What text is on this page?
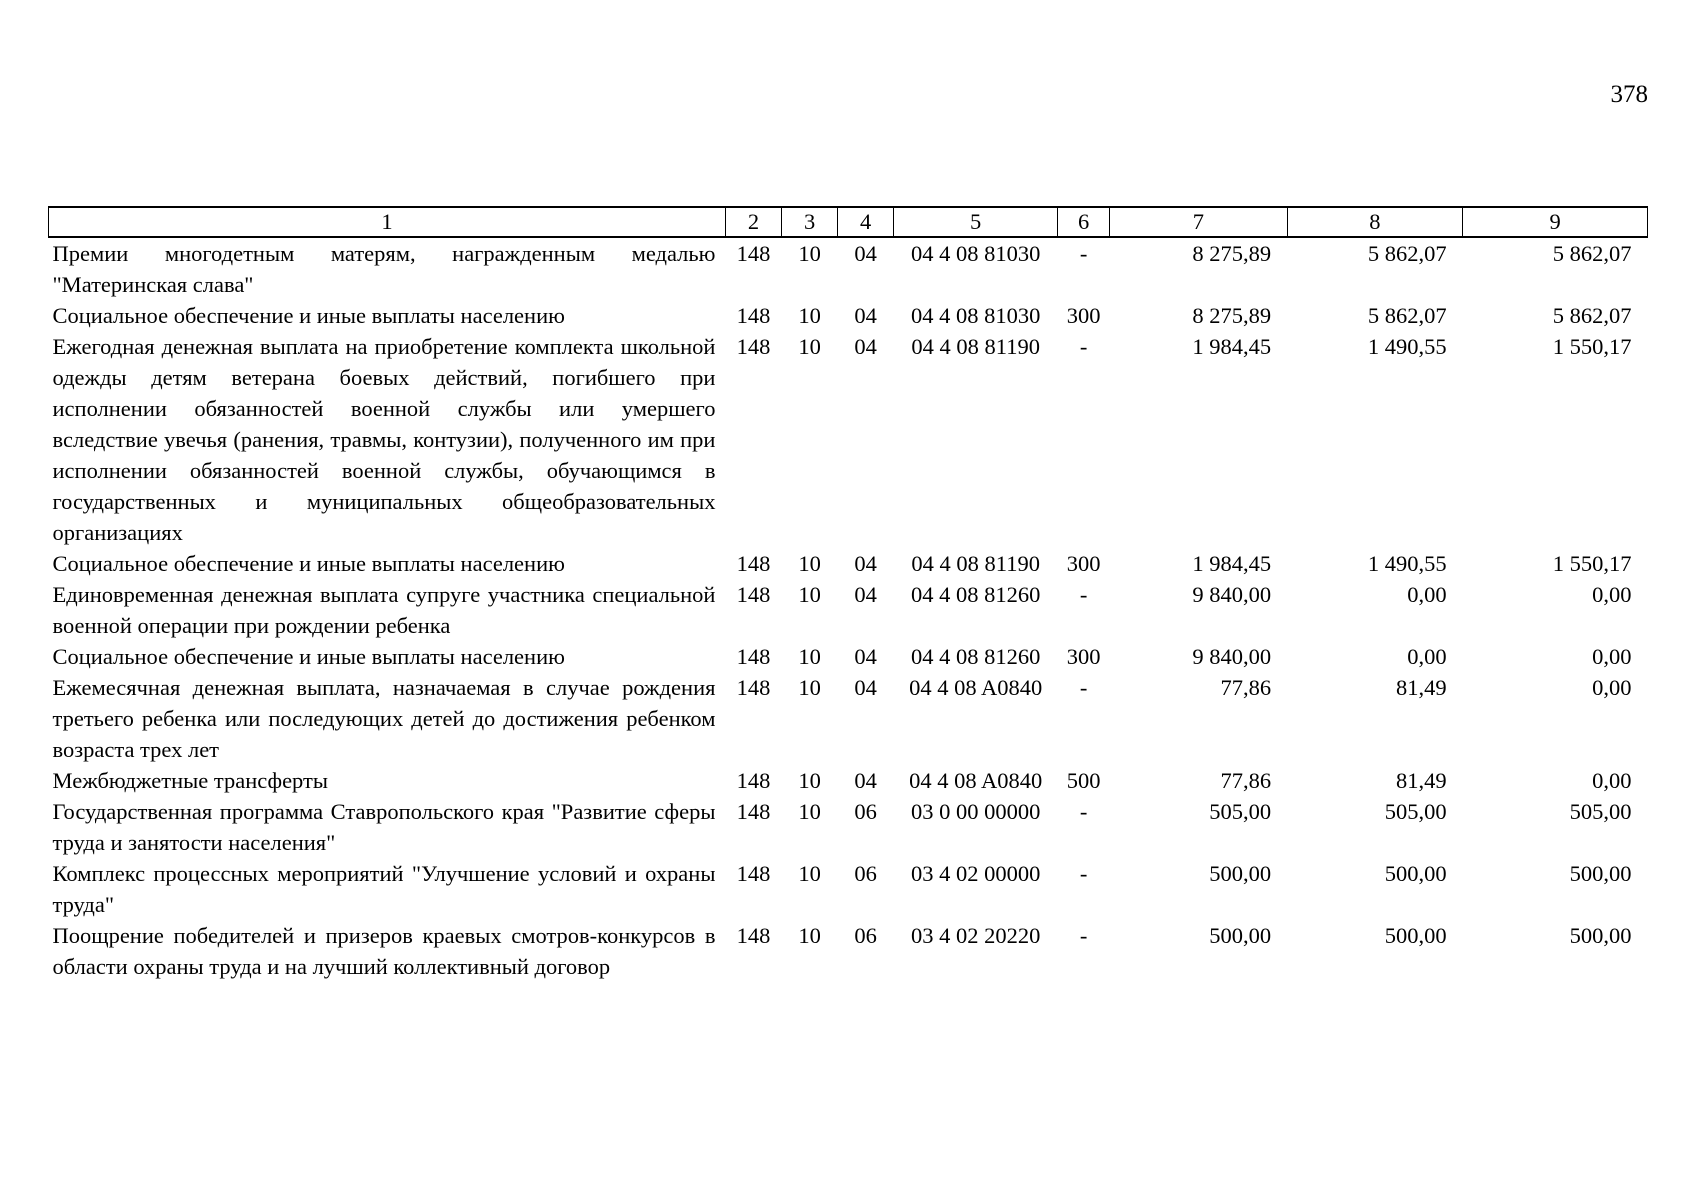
378
1	2	3	4	5	6	7	8	9
Премии многодетным матерям, награжденным медалью "Материнская слава"	148	10	04	04 4 08 81030	-	8 275,89	5 862,07	5 862,07
Социальное обеспечение и иные выплаты населению	148	10	04	04 4 08 81030	300	8 275,89	5 862,07	5 862,07
Ежегодная денежная выплата на приобретение комплекта школьной одежды детям ветерана боевых действий, погибшего при исполнении обязанностей военной службы или умершего вследствие увечья (ранения, травмы, контузии), полученного им при исполнении обязанностей военной службы, обучающимся в государственных и муниципальных общеобразовательных организациях	148	10	04	04 4 08 81190	-	1 984,45	1 490,55	1 550,17
Социальное обеспечение и иные выплаты населению	148	10	04	04 4 08 81190	300	1 984,45	1 490,55	1 550,17
Единовременная денежная выплата супруге участника специальной военной операции при рождении ребенка	148	10	04	04 4 08 81260	-	9 840,00	0,00	0,00
Социальное обеспечение и иные выплаты населению	148	10	04	04 4 08 81260	300	9 840,00	0,00	0,00
Ежемесячная денежная выплата, назначаемая в случае рождения третьего ребенка или последующих детей до достижения ребенком возраста трех лет	148	10	04	04 4 08 A0840	-	77,86	81,49	0,00
Межбюджетные трансферты	148	10	04	04 4 08 A0840	500	77,86	81,49	0,00
Государственная программа Ставропольского края "Развитие сферы труда и занятости населения"	148	10	06	03 0 00 00000	-	505,00	505,00	505,00
Комплекс процессных мероприятий "Улучшение условий и охраны труда"	148	10	06	03 4 02 00000	-	500,00	500,00	500,00
Поощрение победителей и призеров краевых смотров-конкурсов в области охраны труда и на лучший коллективный договор	148	10	06	03 4 02 20220	-	500,00	500,00	500,00
